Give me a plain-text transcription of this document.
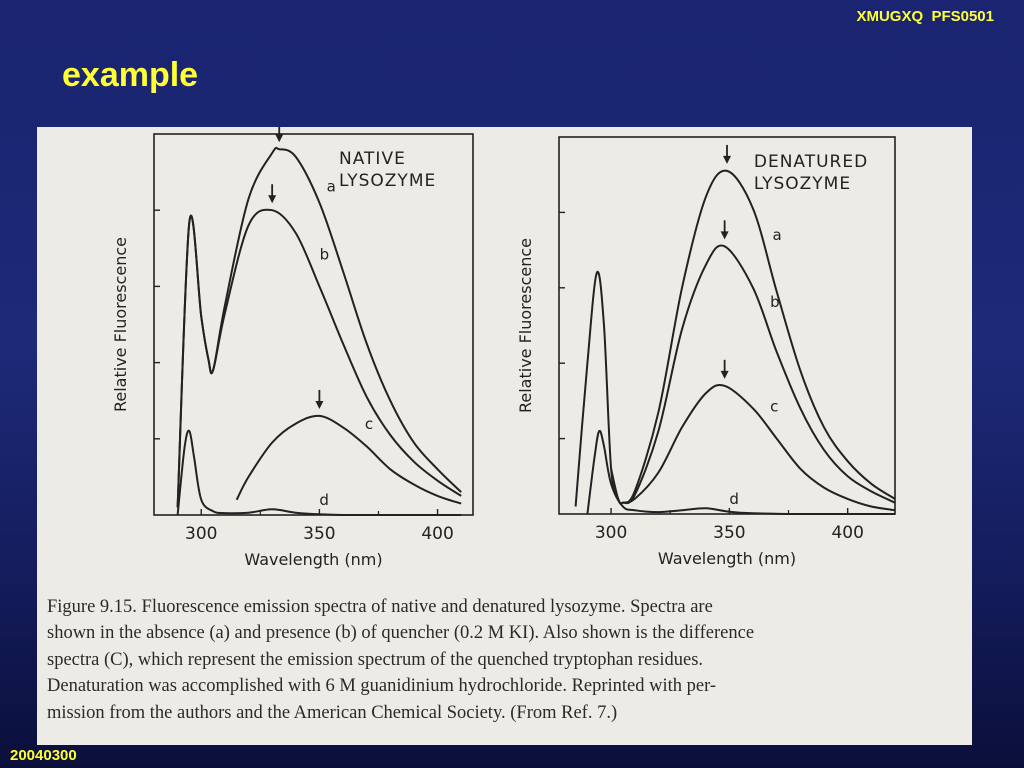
XMUGXQ  PFS0501
example
300	350	400
Wavelength (nm)
Relative Fluorescence
NATIVE
LYSOZYME
a
b
c
d
300	350	400
Wavelength (nm)
Relative Fluorescence
DENATURED
LYSOZYME
a
b
c
d
Figure 9.15. Fluorescence emission spectra of native and denatured lysozyme. Spectra are
shown in the absence (a) and presence (b) of quencher (0.2 M KI). Also shown is the difference
spectra (C), which represent the emission spectrum of the quenched tryptophan residues.
Denaturation was accomplished with 6 M guanidinium hydrochloride. Reprinted with per-
mission from the authors and the American Chemical Society. (From Ref. 7.)
20040300
